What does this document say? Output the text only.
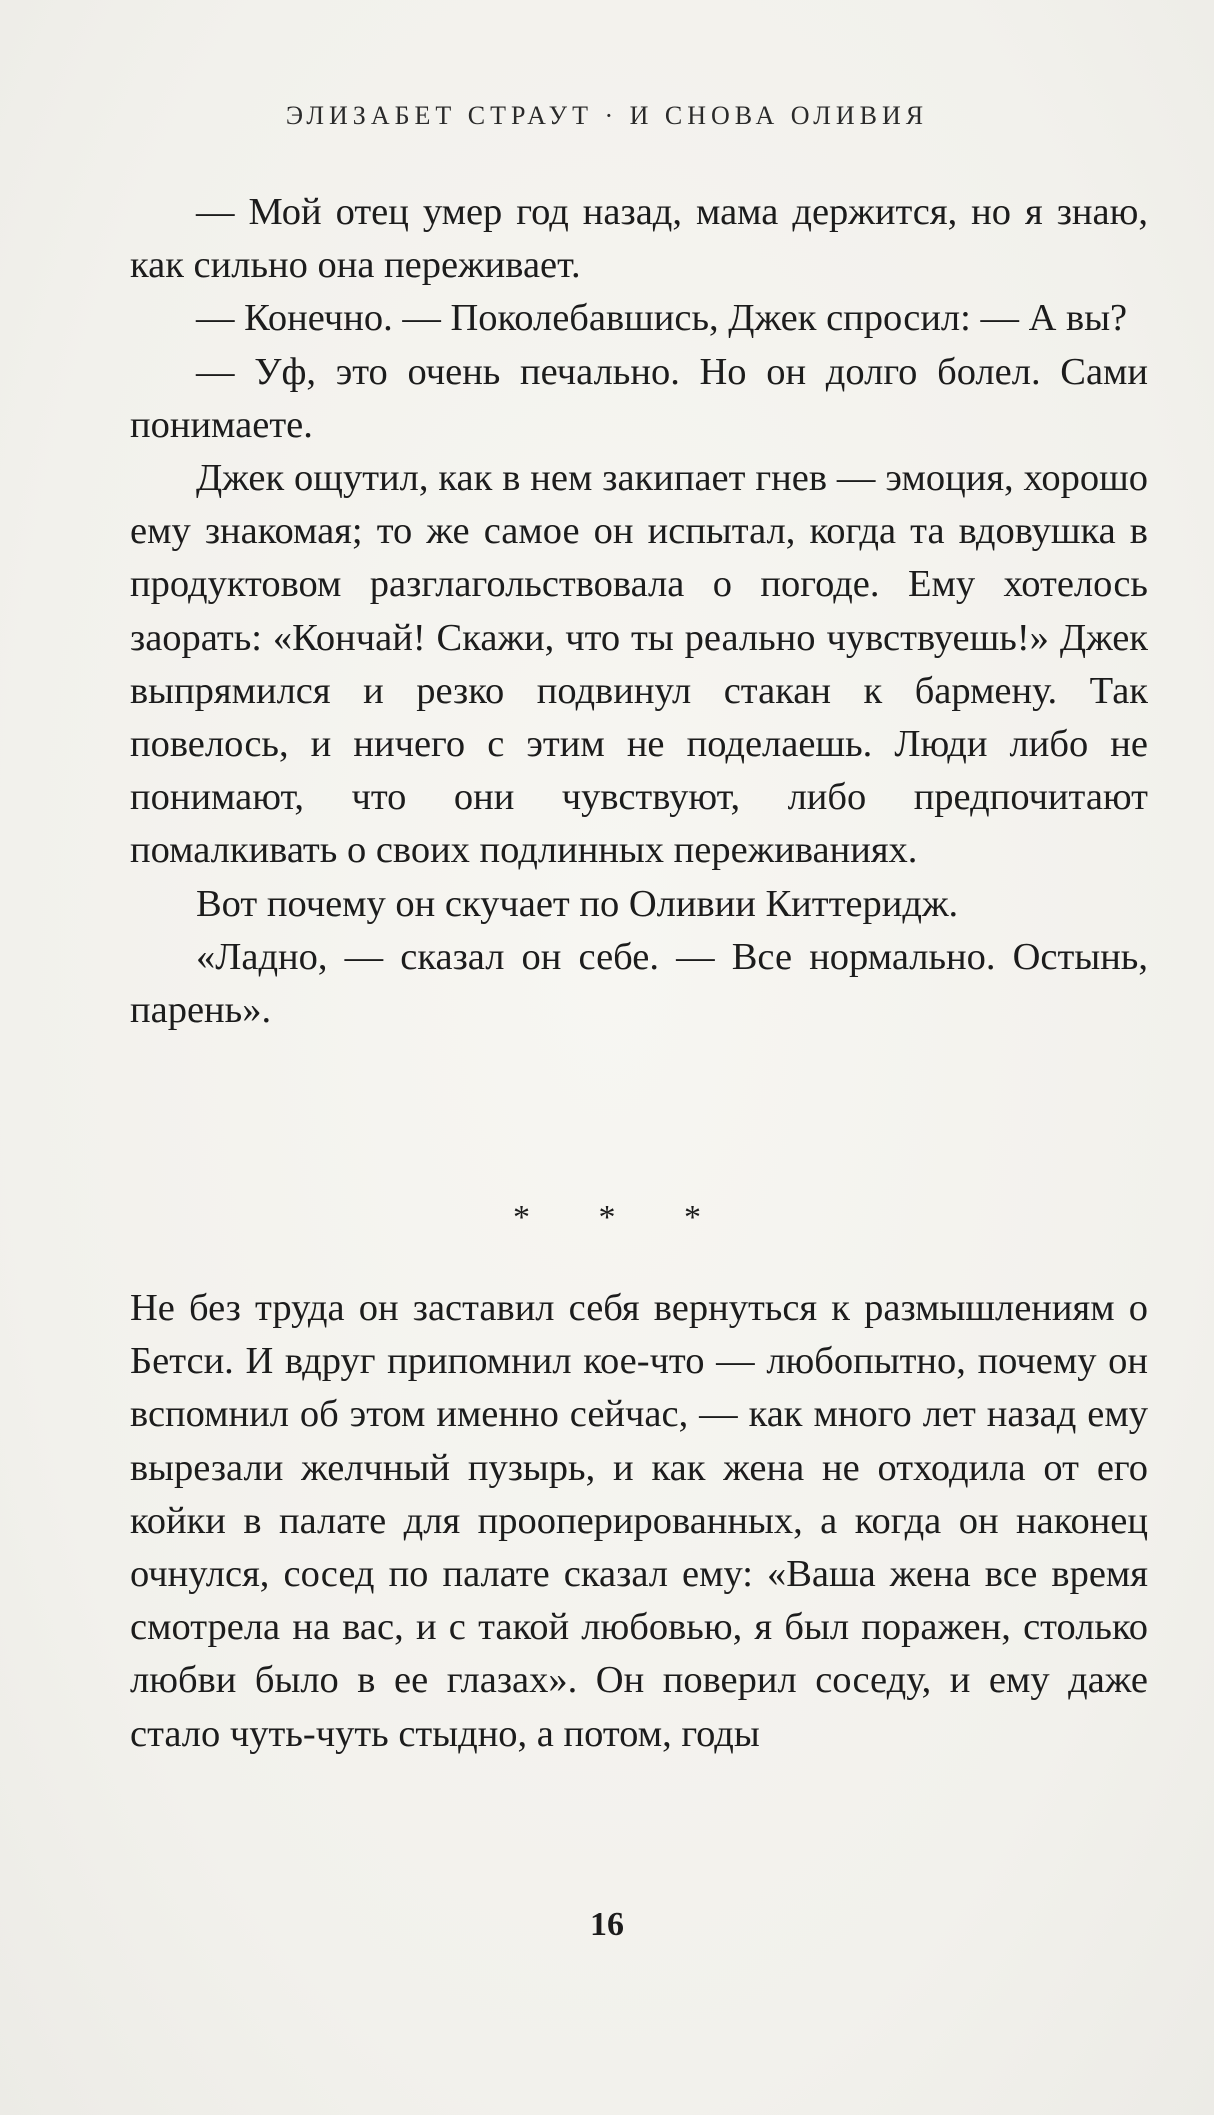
ЭЛИЗАБЕТ СТРАУТ · И СНОВА ОЛИВИЯ

— Мой отец умер год назад, мама держится, но я знаю, как сильно она переживает.

— Конечно. — Поколебавшись, Джек спросил: — А вы?

— Уф, это очень печально. Но он долго болел. Сами понимаете.

Джек ощутил, как в нем закипает гнев — эмоция, хорошо ему знакомая; то же самое он испытал, когда та вдовушка в продуктовом разглагольствовала о погоде. Ему хотелось заорать: «Кончай! Скажи, что ты реально чувствуешь!» Джек выпрямился и резко подвинул стакан к бармену. Так повелось, и ничего с этим не поделаешь. Люди либо не понимают, что они чувствуют, либо предпочитают помалкивать о своих подлинных переживаниях.

Вот почему он скучает по Оливии Киттеридж.

«Ладно, — сказал он себе. — Все нормально. Остынь, парень».

* * *

Не без труда он заставил себя вернуться к размышлениям о Бетси. И вдруг припомнил кое-что — любопытно, почему он вспомнил об этом именно сейчас, — как много лет назад ему вырезали желчный пузырь, и как жена не отходила от его койки в палате для прооперированных, а когда он наконец очнулся, сосед по палате сказал ему: «Ваша жена все время смотрела на вас, и с такой любовью, я был поражен, столько любви было в ее глазах». Он поверил соседу, и ему даже стало чуть-чуть стыдно, а потом, годы

16
